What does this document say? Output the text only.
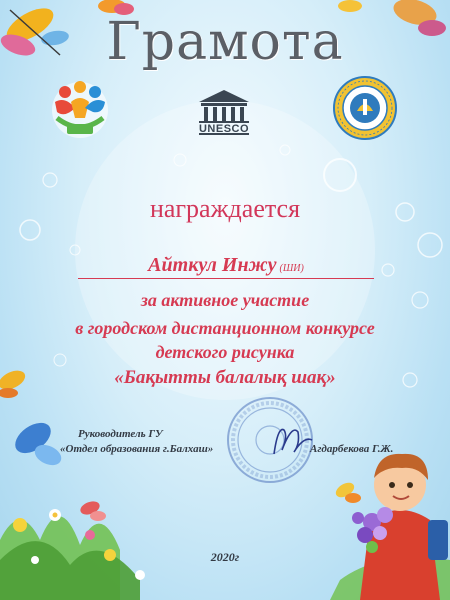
Грамота
UNESCO
награждается
Айткул Инжу (ШИ)
за активное участие
в городском дистанционном конкурсе
детского рисунка
«Бақытты балалық шақ»
Руководитель ГУ
«Отдел образования г.Балхаш»	Агдарбекова Г.Ж.
2020г
